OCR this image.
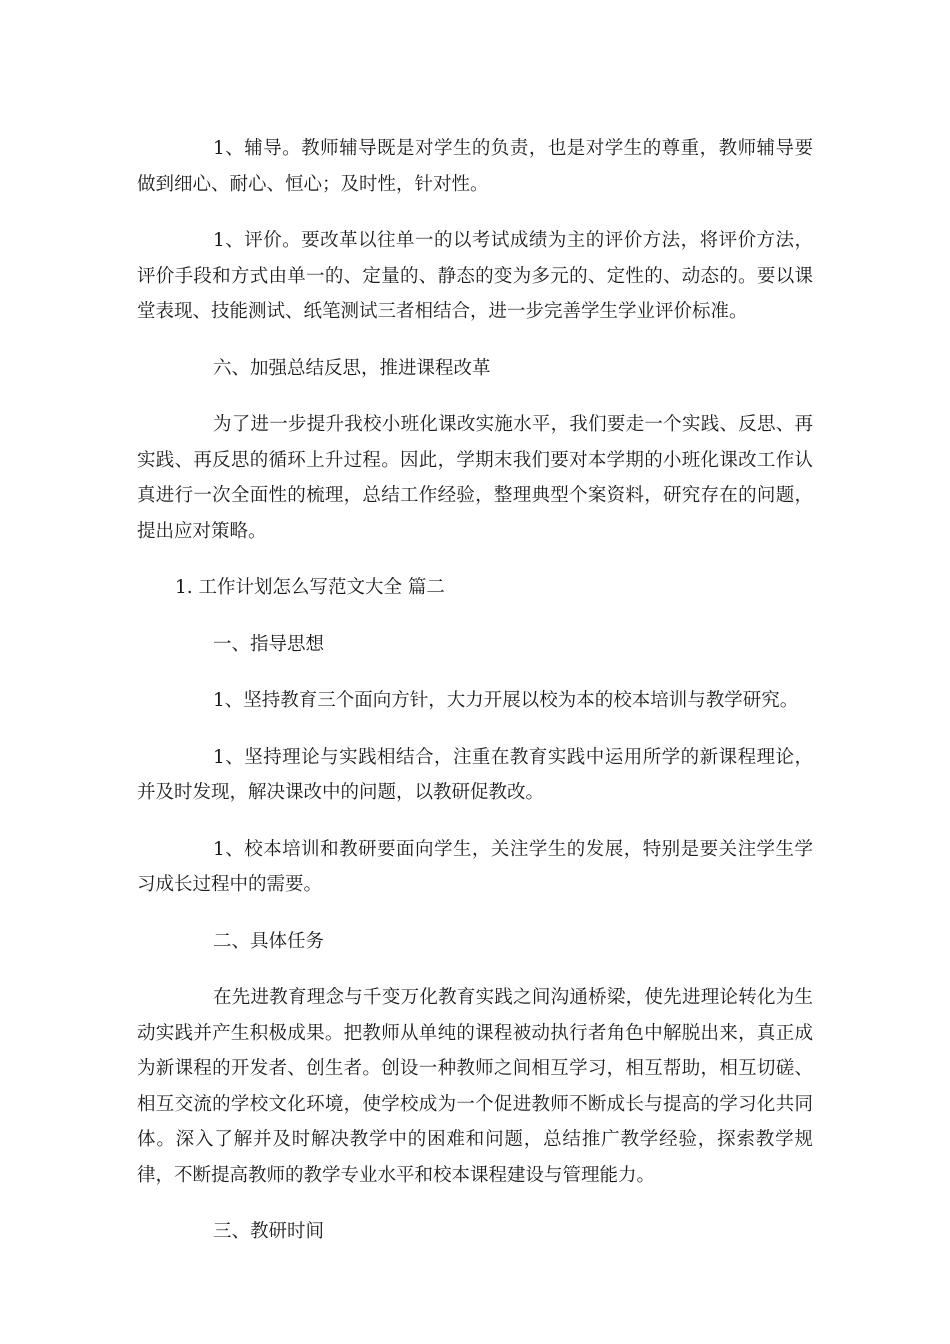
1、辅导。教师辅导既是对学生的负责，也是对学生的尊重，教师辅导要做到细心、耐心、恒心；及时性，针对性。

1、评价。要改革以往单一的以考试成绩为主的评价方法，将评价方法，评价手段和方式由单一的、定量的、静态的变为多元的、定性的、动态的。要以课堂表现、技能测试、纸笔测试三者相结合，进一步完善学生学业评价标准。

六、加强总结反思，推进课程改革

为了进一步提升我校小班化课改实施水平，我们要走一个实践、反思、再实践、再反思的循环上升过程。因此，学期末我们要对本学期的小班化课改工作认真进行一次全面性的梳理，总结工作经验，整理典型个案资料，研究存在的问题，提出应对策略。

1. 工作计划怎么写范文大全 篇二

一、指导思想

1、坚持教育三个面向方针，大力开展以校为本的校本培训与教学研究。

1、坚持理论与实践相结合，注重在教育实践中运用所学的新课程理论，并及时发现，解决课改中的问题，以教研促教改。

1、校本培训和教研要面向学生，关注学生的发展，特别是要关注学生学习成长过程中的需要。

二、具体任务

在先进教育理念与千变万化教育实践之间沟通桥梁，使先进理论转化为生动实践并产生积极成果。把教师从单纯的课程被动执行者角色中解脱出来，真正成为新课程的开发者、创生者。创设一种教师之间相互学习，相互帮助，相互切磋、相互交流的学校文化环境，使学校成为一个促进教师不断成长与提高的学习化共同体。深入了解并及时解决教学中的困难和问题，总结推广教学经验，探索教学规律，不断提高教师的教学专业水平和校本课程建设与管理能力。

三、教研时间
